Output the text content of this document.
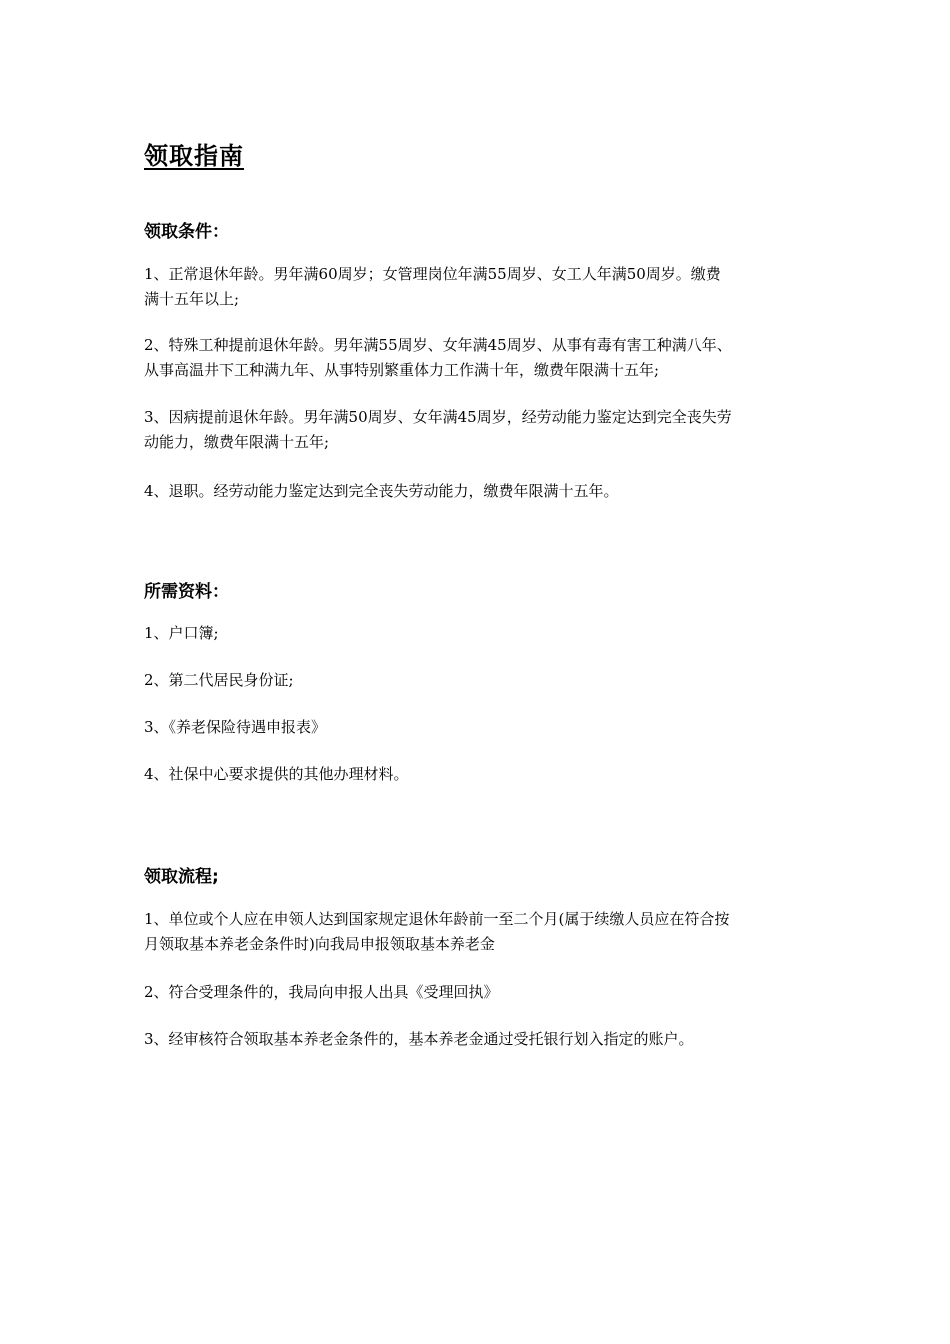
领取指南
领取条件：

1、正常退休年龄。男年满60周岁；女管理岗位年满55周岁、女工人年满50周岁。缴费
满十五年以上;

2、特殊工种提前退休年龄。男年满55周岁、女年满45周岁、从事有毒有害工种满八年、
从事高温井下工种满九年、从事特别繁重体力工作满十年，缴费年限满十五年;

3、因病提前退休年龄。男年满50周岁、女年满45周岁，经劳动能力鉴定达到完全丧失劳
动能力，缴费年限满十五年;

4、退职。经劳动能力鉴定达到完全丧失劳动能力，缴费年限满十五年。

所需资料：

1、户口簿;

2、第二代居民身份证;

3、《养老保险待遇申报表》

4、社保中心要求提供的其他办理材料。

领取流程;

1、单位或个人应在申领人达到国家规定退休年龄前一至二个月(属于续缴人员应在符合按
月领取基本养老金条件时)向我局申报领取基本养老金

2、符合受理条件的，我局向申报人出具《受理回执》

3、经审核符合领取基本养老金条件的，基本养老金通过受托银行划入指定的账户。
